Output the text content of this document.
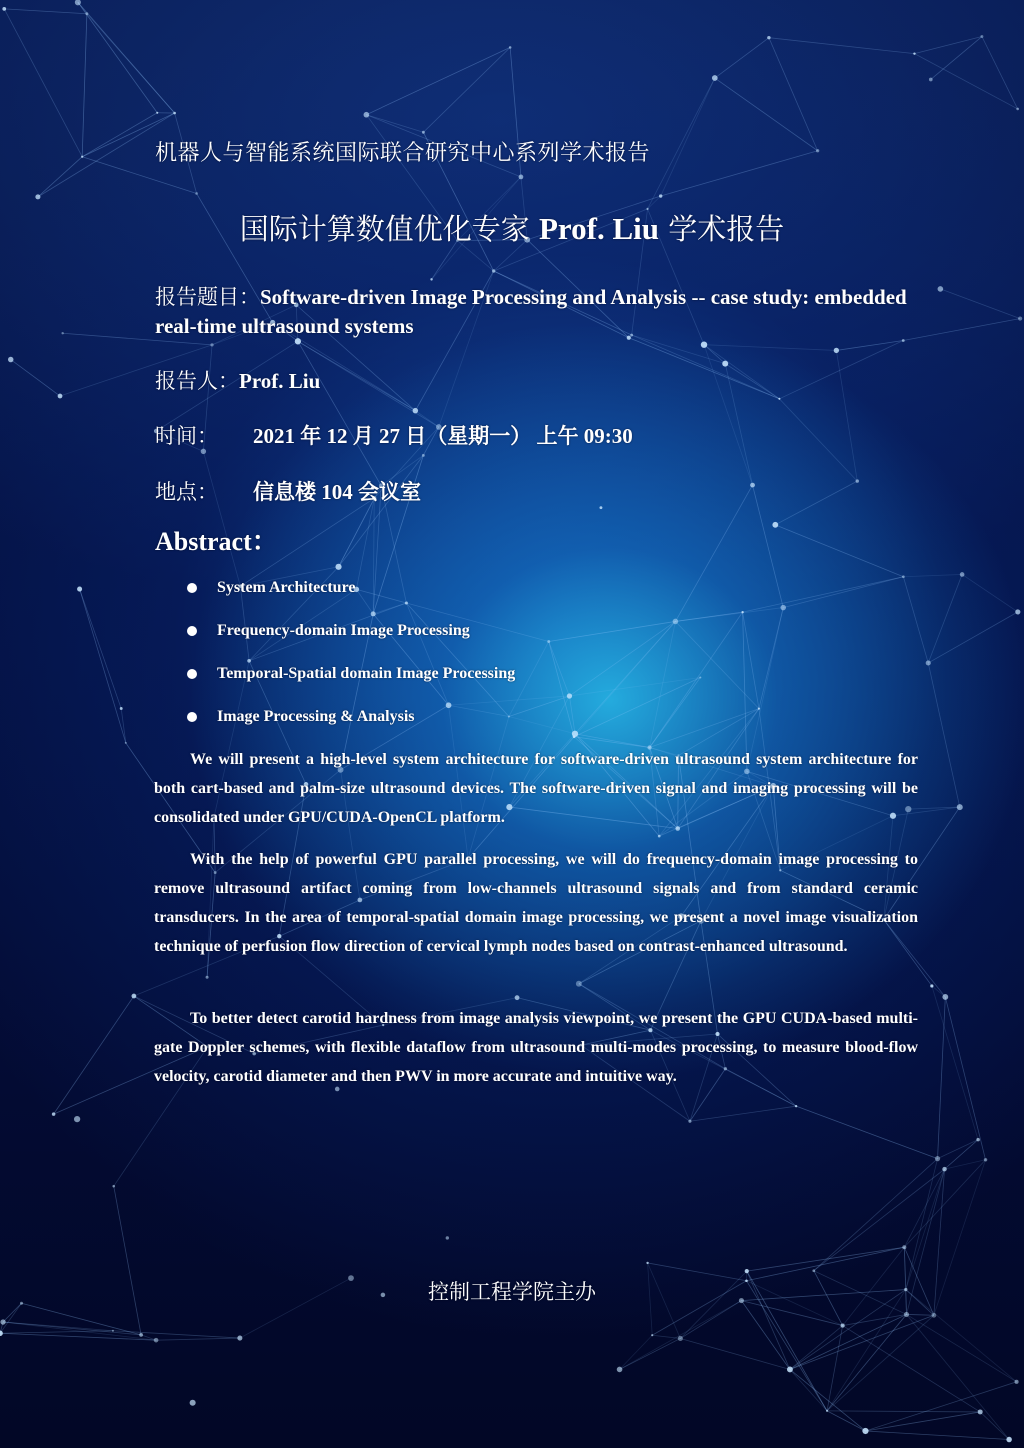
机器人与智能系统国际联合研究中心系列学术报告
国际计算数值优化专家 Prof. Liu 学术报告
报告题目：Software-driven Image Processing and Analysis -- case study: embedded real-time ultrasound systems
报告人：Prof. Liu
时间： 2021 年 12 月 27 日（星期一） 上午 09:30
地点： 信息楼 104 会议室
Abstract：
System Architecture
Frequency-domain Image Processing
Temporal-Spatial domain Image Processing
Image Processing & Analysis
We will present a high-level system architecture for software-driven ultrasound system architecture for both cart-based and palm-size ultrasound devices. The software-driven signal and imaging processing will be consolidated under GPU/CUDA-OpenCL platform.
With the help of powerful GPU parallel processing, we will do frequency-domain image processing to remove ultrasound artifact coming from low-channels ultrasound signals and from standard ceramic transducers. In the area of temporal-spatial domain image processing, we present a novel image visualization technique of perfusion flow direction of cervical lymph nodes based on contrast-enhanced ultrasound.
To better detect carotid hardness from image analysis viewpoint, we present the GPU CUDA-based multi-gate Doppler schemes, with flexible dataflow from ultrasound multi-modes processing, to measure blood-flow velocity, carotid diameter and then PWV in more accurate and intuitive way.
控制工程学院主办
